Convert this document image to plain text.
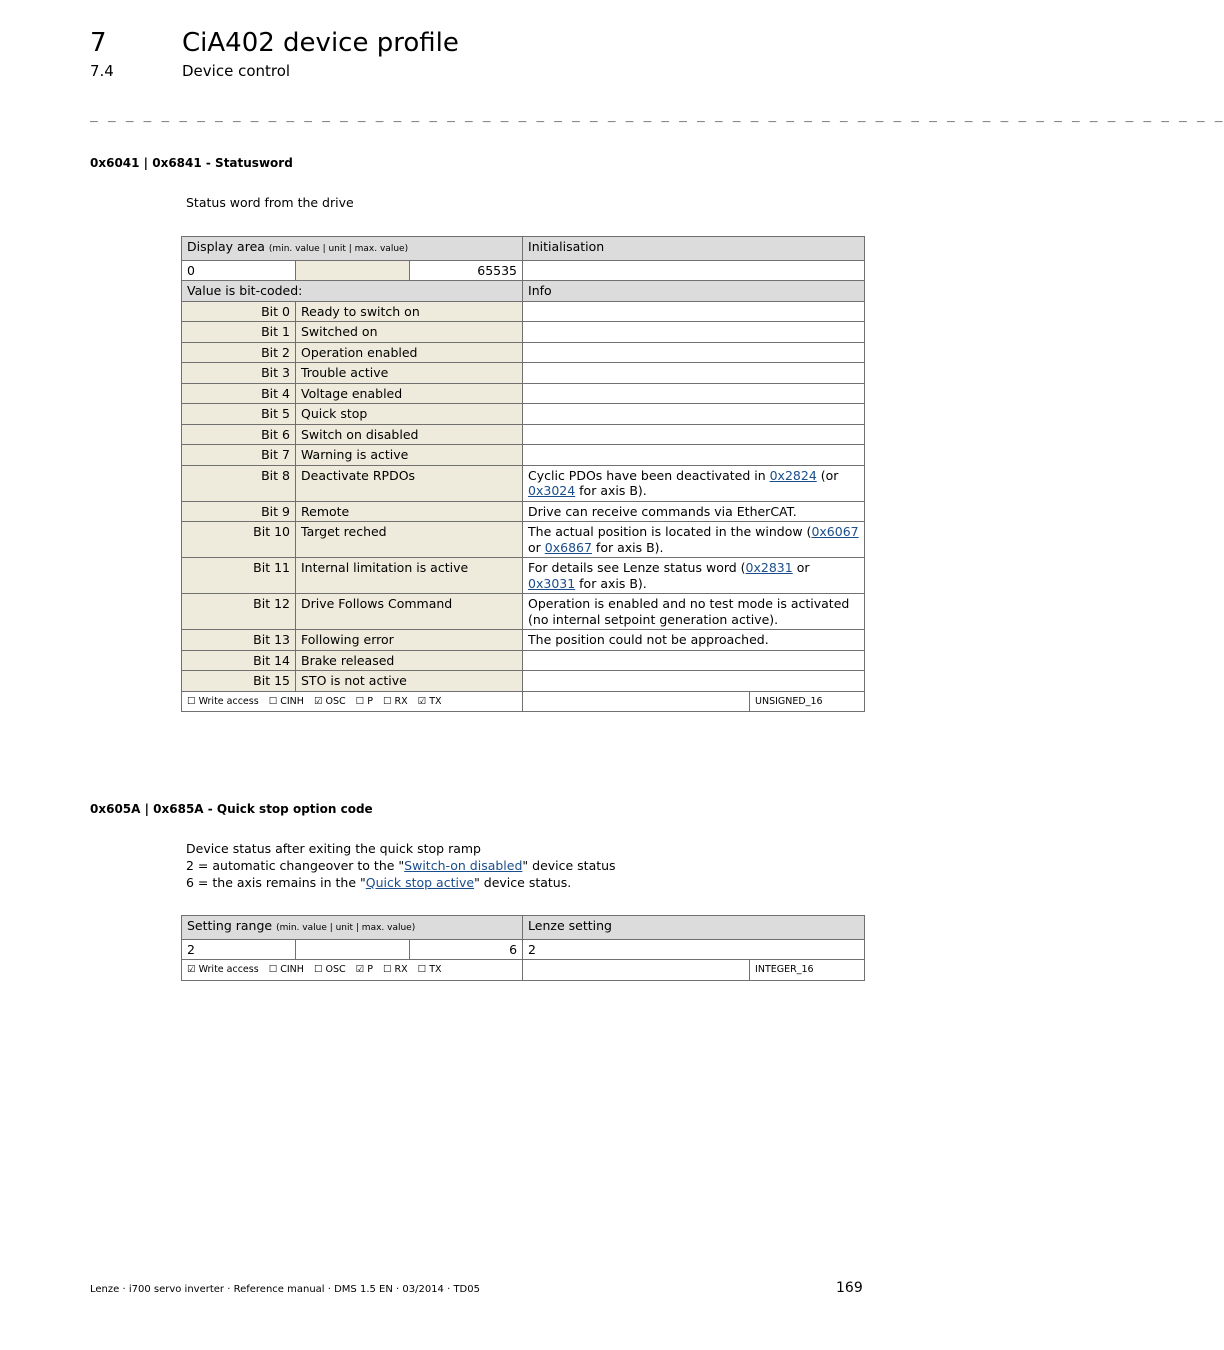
7	CiA402 device profile
7.4	Device control
_ _ _ _ _ _ _ _ _ _ _ _ _ _ _ _ _ _ _ _ _ _ _ _ _ _ _ _ _ _ _ _ _ _ _ _ _ _ _ _ _ _ _ _ _ _ _ _ _ _ _ _ _ _ _ _ _ _ _ _ _ _ _ _
0x6041 | 0x6841 - Statusword
Status word from the drive
Display area (min. value | unit | max. value)			Initialisation	
0		65535		
Value is bit-coded:			Info	
Bit 0	Ready to switch on			
Bit 1	Switched on			
Bit 2	Operation enabled			
Bit 3	Trouble active			
Bit 4	Voltage enabled			
Bit 5	Quick stop			
Bit 6	Switch on disabled			
Bit 7	Warning is active			
Bit 8	Deactivate RPDOs		Cyclic PDOs have been deactivated in 0x2824 (or 0x3024 for axis B).	
Bit 9	Remote		Drive can receive commands via EtherCAT.	
Bit 10	Target reched		The actual position is located in the window (0x6067 or 0x6867 for axis B).	
Bit 11	Internal limitation is active		For details see Lenze status word (0x2831 or 0x3031 for axis B).	
Bit 12	Drive Follows Command		Operation is enabled and no test mode is activated (no internal setpoint generation active).	
Bit 13	Following error		The position could not be approached.	
Bit 14	Brake released			
Bit 15	STO is not active			
☐ Write access ☐ CINH ☑ OSC ☐ P ☐ RX ☑ TX				UNSIGNED_16
0x605A | 0x685A - Quick stop option code
Device status after exiting the quick stop ramp
2 = automatic changeover to the "Switch-on disabled" device status
6 = the axis remains in the "Quick stop active" device status.
Setting range (min. value | unit | max. value)			Lenze setting	
2		6	2	
☑ Write access ☐ CINH ☐ OSC ☑ P ☐ RX ☐ TX				INTEGER_16
Lenze · i700 servo inverter · Reference manual · DMS 1.5 EN · 03/2014 · TD05	169
